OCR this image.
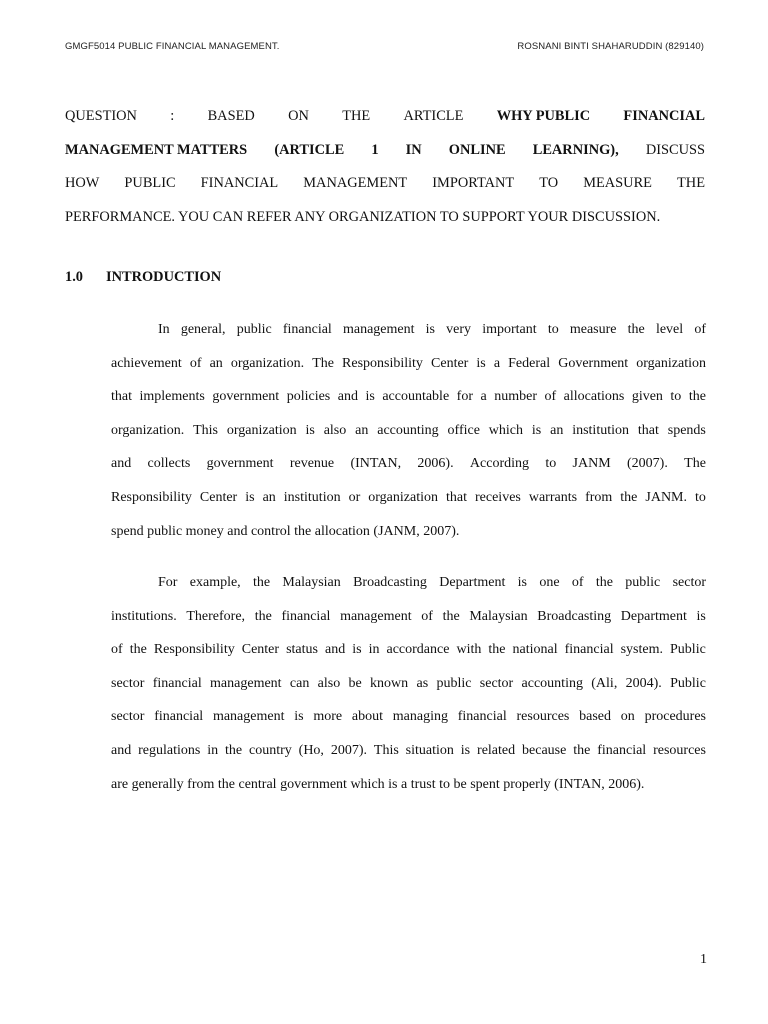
GMGF5014 PUBLIC FINANCIAL MANAGEMENT.	ROSNANI BINTI SHAHARUDDIN (829140)
QUESTION : BASED ON THE ARTICLE WHY PUBLIC FINANCIAL
MANAGEMENT MATTERS (ARTICLE 1 IN ONLINE LEARNING), DISCUSS
HOW PUBLIC FINANCIAL MANAGEMENT IMPORTANT TO MEASURE THE
PERFORMANCE. YOU CAN REFER ANY ORGANIZATION TO SUPPORT YOUR DISCUSSION.
1.0 INTRODUCTION
In general, public financial management is very important to measure the level of
achievement of an organization. The Responsibility Center is a Federal Government organization
that implements government policies and is accountable for a number of allocations given to the
organization. This organization is also an accounting office which is an institution that spends
and collects government revenue (INTAN, 2006). According to JANM (2007). The
Responsibility Center is an institution or organization that receives warrants from the JANM. to
spend public money and control the allocation (JANM, 2007).
For example, the Malaysian Broadcasting Department is one of the public sector
institutions. Therefore, the financial management of the Malaysian Broadcasting Department is
of the Responsibility Center status and is in accordance with the national financial system. Public
sector financial management can also be known as public sector accounting (Ali, 2004). Public
sector financial management is more about managing financial resources based on procedures
and regulations in the country (Ho, 2007). This situation is related because the financial resources
are generally from the central government which is a trust to be spent properly (INTAN, 2006).
1
